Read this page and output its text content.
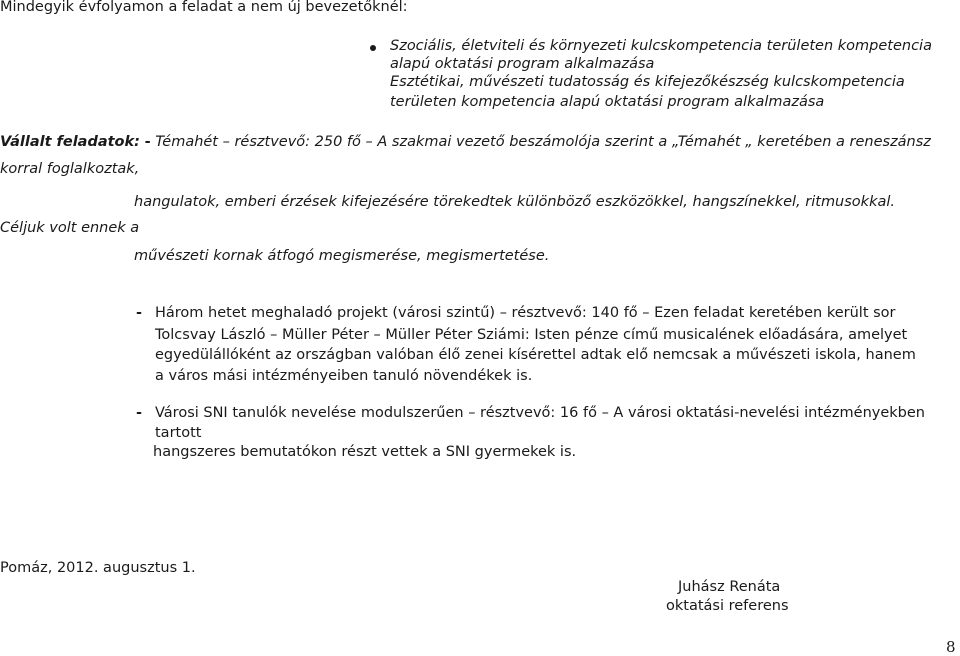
Mindegyik évfolyamon a feladat a nem új bevezetőknél:
Szociális, életviteli és környezeti kulcskompetencia területen kompetencia
alapú oktatási program alkalmazása
Esztétikai, művészeti tudatosság és kifejezőkészség kulcskompetencia
területen kompetencia alapú oktatási program alkalmazása
Vállalt feladatok: - Témahét – résztvevő: 250 fő – A szakmai vezető beszámolója szerint a „Témahét „ keretében a reneszánsz
korral foglalkoztak,
hangulatok, emberi érzések kifejezésére törekedtek különböző eszközökkel, hangszínekkel, ritmusokkal.
Céljuk volt ennek a
művészeti kornak átfogó megismerése, megismertetése.
- Három hetet meghaladó projekt (városi szintű) – résztvevő: 140 fő – Ezen feladat keretében került sor
Tolcsvay László – Müller Péter – Müller Péter Sziámi: Isten pénze című musicalének előadására, amelyet
egyedülállóként az országban valóban élő zenei kísérettel adtak elő nemcsak a művészeti iskola, hanem
a város mási intézményeiben tanuló növendékek is.
- Városi SNI tanulók nevelése modulszerűen – résztvevő: 16 fő – A városi oktatási-nevelési intézményekben
tartott
hangszeres bemutatókon részt vettek a SNI gyermekek is.
Pomáz, 2012. augusztus 1.
Juhász Renáta
oktatási referens
8
